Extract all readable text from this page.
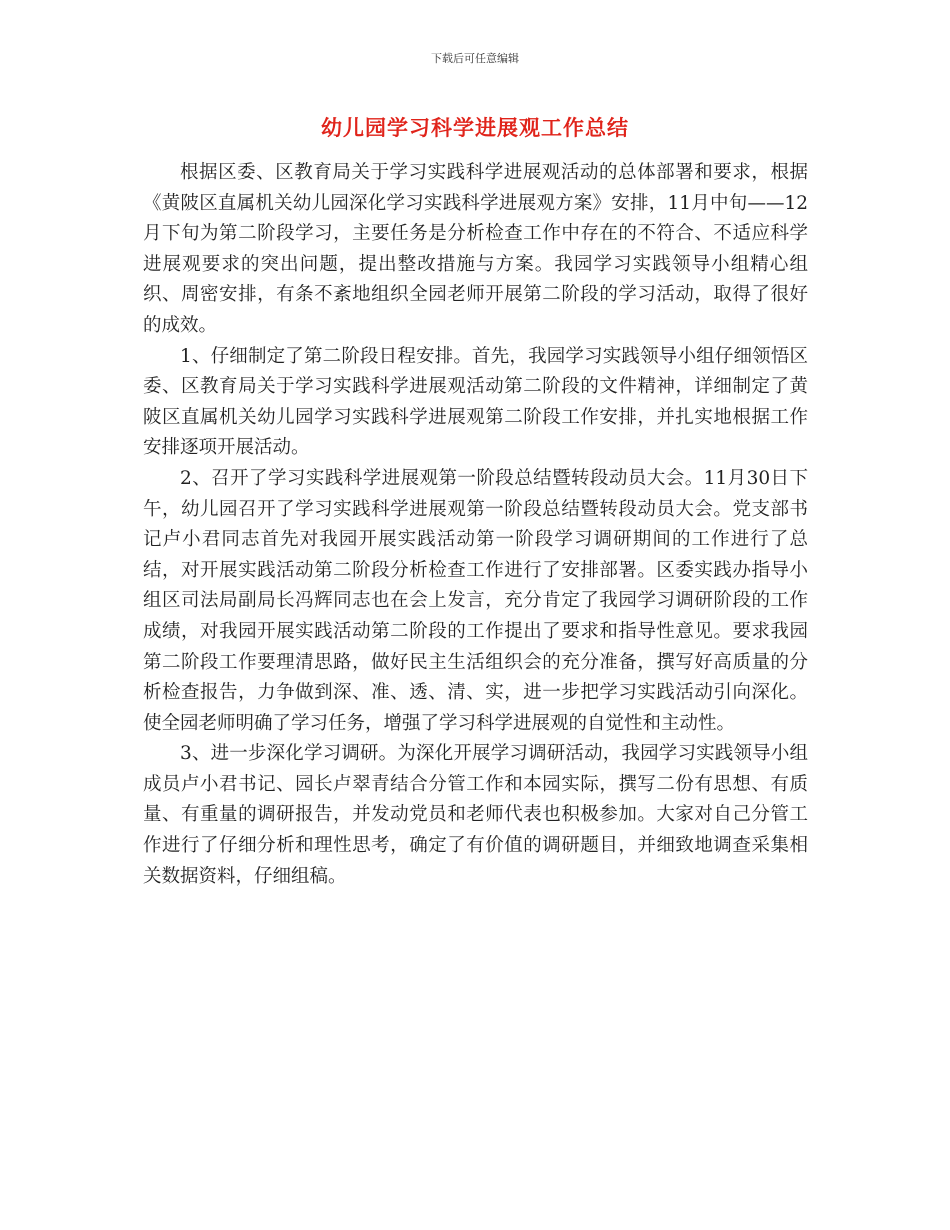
下载后可任意编辑
幼儿园学习科学进展观工作总结

根据区委、区教育局关于学习实践科学进展观活动的总体部署和要求，根据《黄陂区直属机关幼儿园深化学习实践科学进展观方案》安排，11月中旬——12月下旬为第二阶段学习，主要任务是分析检查工作中存在的不符合、不适应科学进展观要求的突出问题，提出整改措施与方案。我园学习实践领导小组精心组织、周密安排，有条不紊地组织全园老师开展第二阶段的学习活动，取得了很好的成效。

1、仔细制定了第二阶段日程安排。首先，我园学习实践领导小组仔细领悟区委、区教育局关于学习实践科学进展观活动第二阶段的文件精神，详细制定了黄陂区直属机关幼儿园学习实践科学进展观第二阶段工作安排，并扎实地根据工作安排逐项开展活动。

2、召开了学习实践科学进展观第一阶段总结暨转段动员大会。11月30日下午，幼儿园召开了学习实践科学进展观第一阶段总结暨转段动员大会。党支部书记卢小君同志首先对我园开展实践活动第一阶段学习调研期间的工作进行了总结，对开展实践活动第二阶段分析检查工作进行了安排部署。区委实践办指导小组区司法局副局长冯辉同志也在会上发言，充分肯定了我园学习调研阶段的工作成绩，对我园开展实践活动第二阶段的工作提出了要求和指导性意见。要求我园第二阶段工作要理清思路，做好民主生活组织会的充分准备，撰写好高质量的分析检查报告，力争做到深、准、透、清、实，进一步把学习实践活动引向深化。使全园老师明确了学习任务，增强了学习科学进展观的自觉性和主动性。

3、进一步深化学习调研。为深化开展学习调研活动，我园学习实践领导小组成员卢小君书记、园长卢翠青结合分管工作和本园实际，撰写二份有思想、有质量、有重量的调研报告，并发动党员和老师代表也积极参加。大家对自己分管工作进行了仔细分析和理性思考，确定了有价值的调研题目，并细致地调查采集相关数据资料，仔细组稿。
